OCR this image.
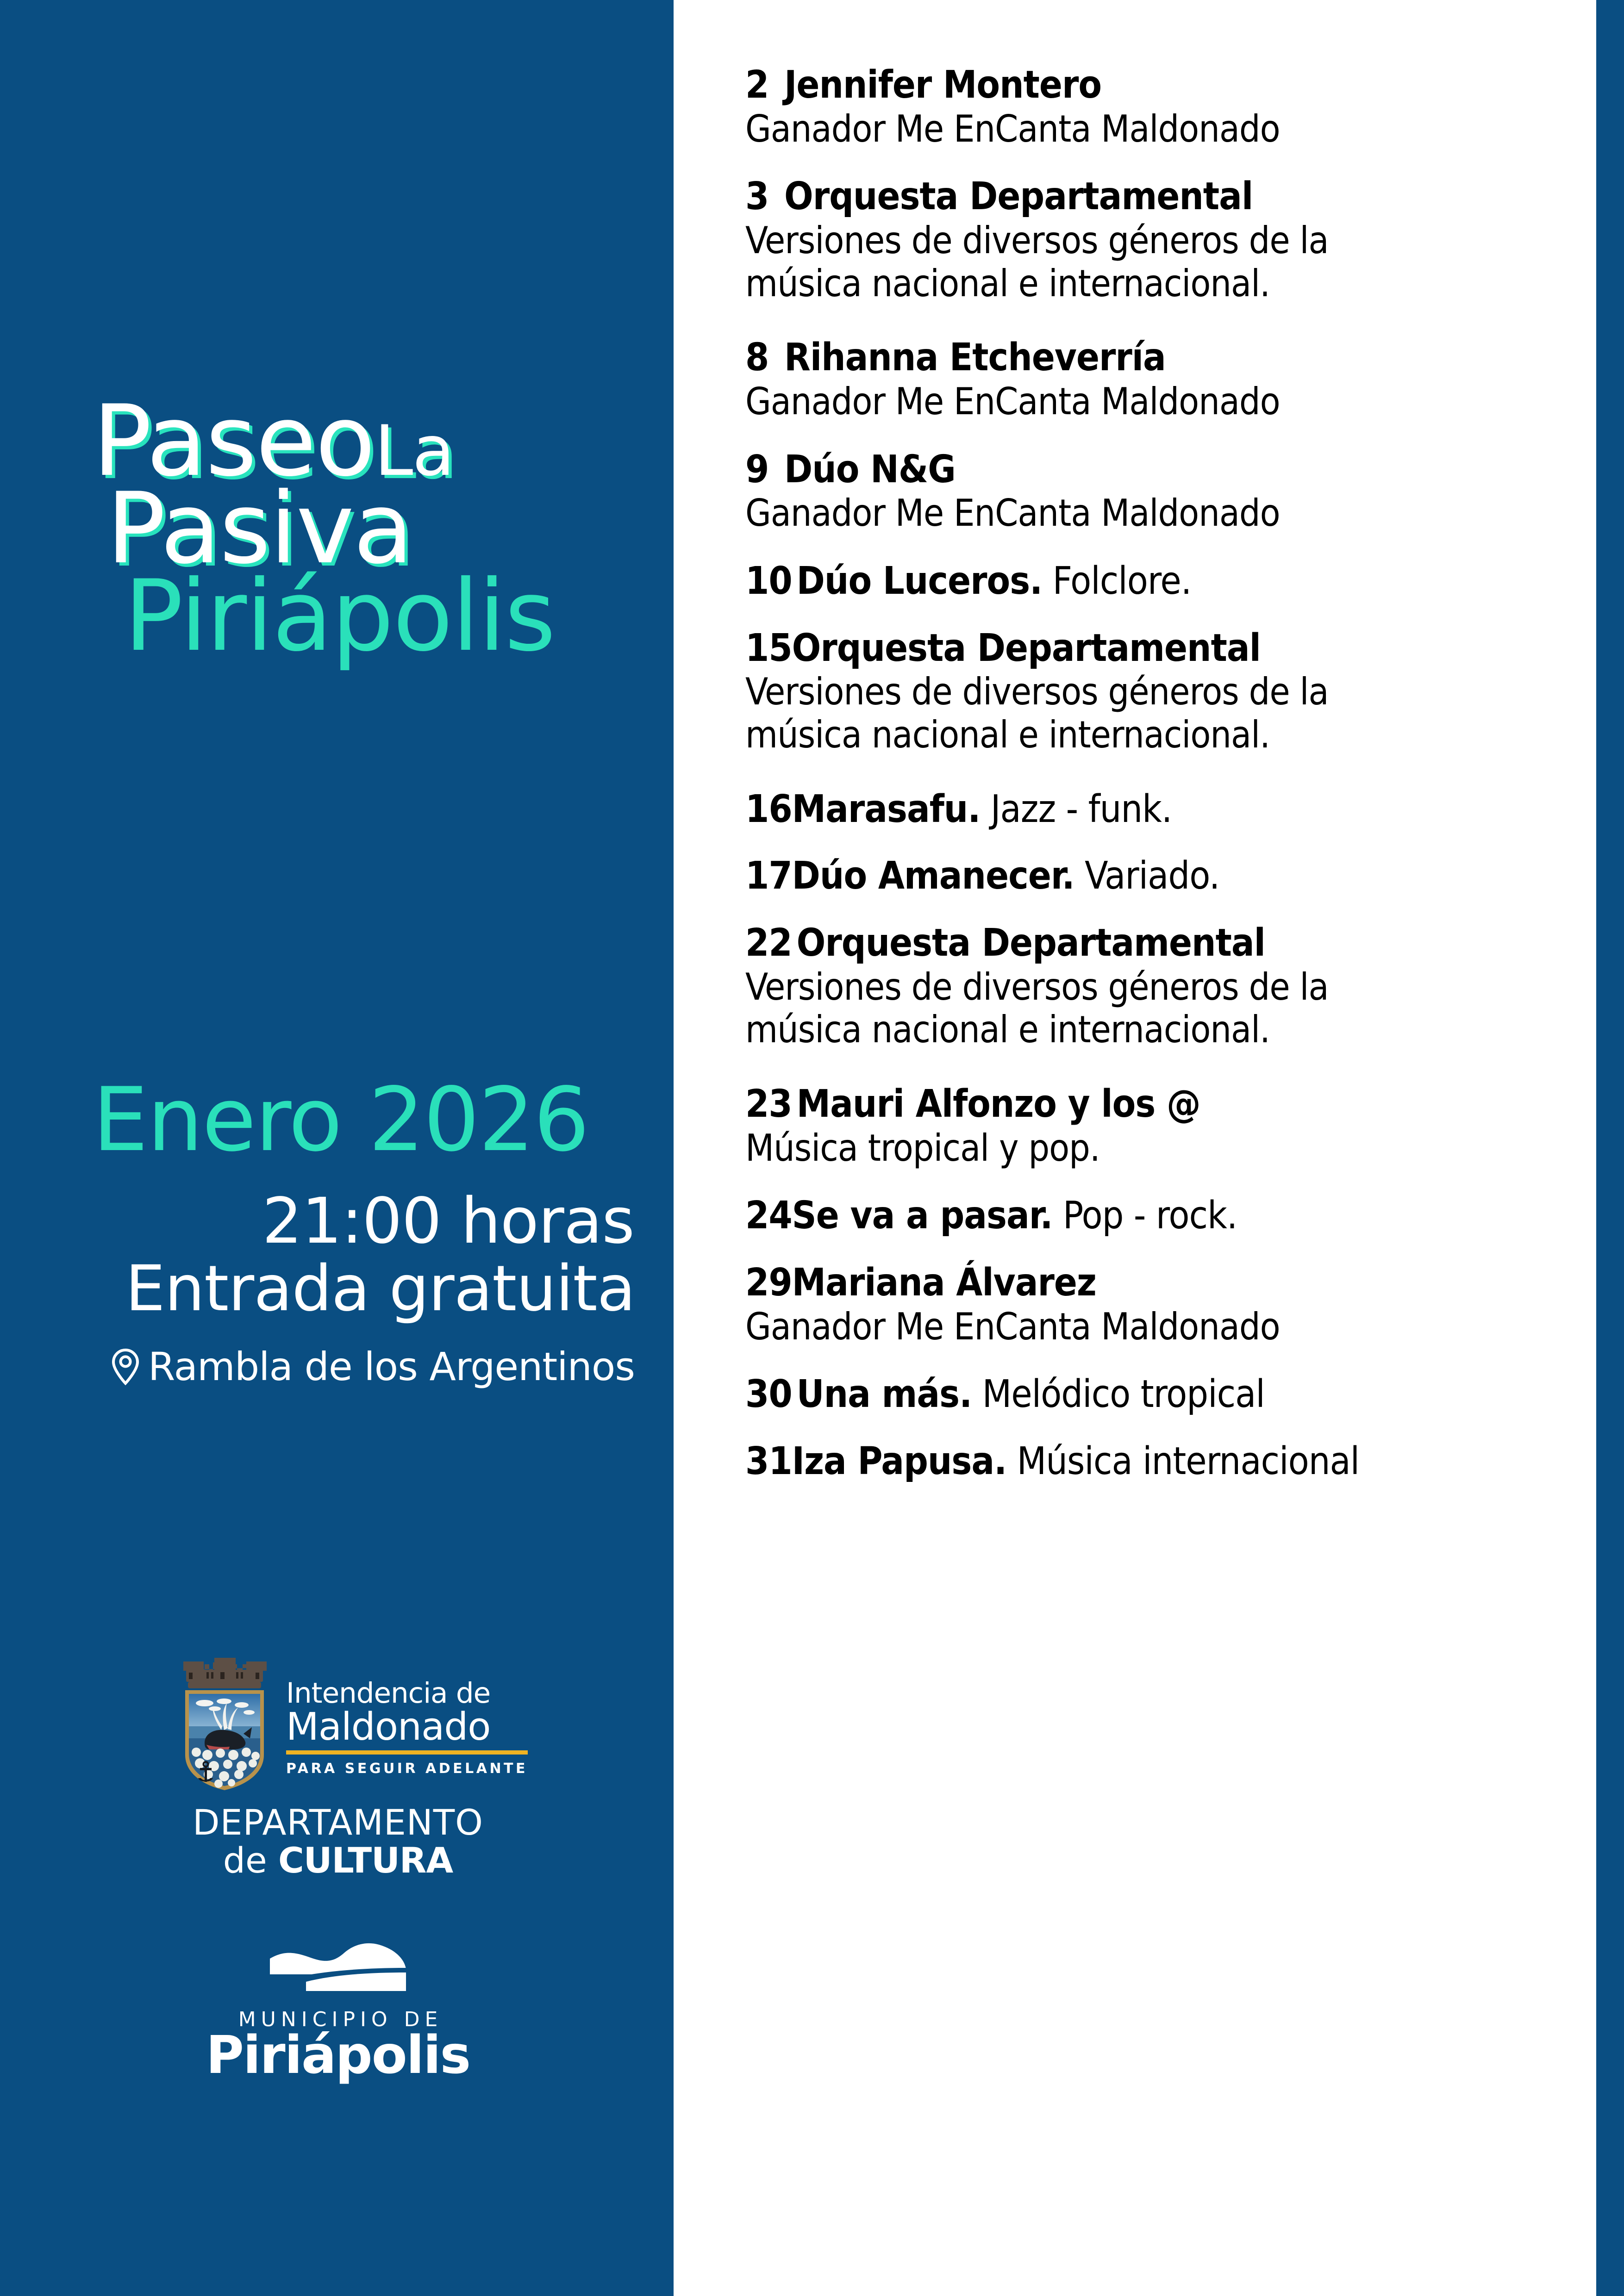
PaseoLa
Pasiva
Piriápolis
Enero 2026
21:00 horas
Entrada gratuita
Rambla de los Argentinos
Intendencia de
Maldonado
PARA SEGUIR ADELANTE
DEPARTAMENTO
de CULTURA
MUNICIPIO DE
Piriápolis
2 Jennifer Montero
Ganador Me EnCanta Maldonado
3 Orquesta Departamental
Versiones de diversos géneros de la
música nacional e internacional.
8 Rihanna Etcheverría
Ganador Me EnCanta Maldonado
9 Dúo N&G
Ganador Me EnCanta Maldonado
10 Dúo Luceros. Folclore.
15Orquesta Departamental
Versiones de diversos géneros de la
música nacional e internacional.
16Marasafu. Jazz - funk.
17Dúo Amanecer. Variado.
22 Orquesta Departamental
Versiones de diversos géneros de la
música nacional e internacional.
23 Mauri Alfonzo y los @
Música tropical y pop.
24Se va a pasar. Pop - rock.
29Mariana Álvarez
Ganador Me EnCanta Maldonado
30 Una más. Melódico tropical
31Iza Papusa. Música internacional
